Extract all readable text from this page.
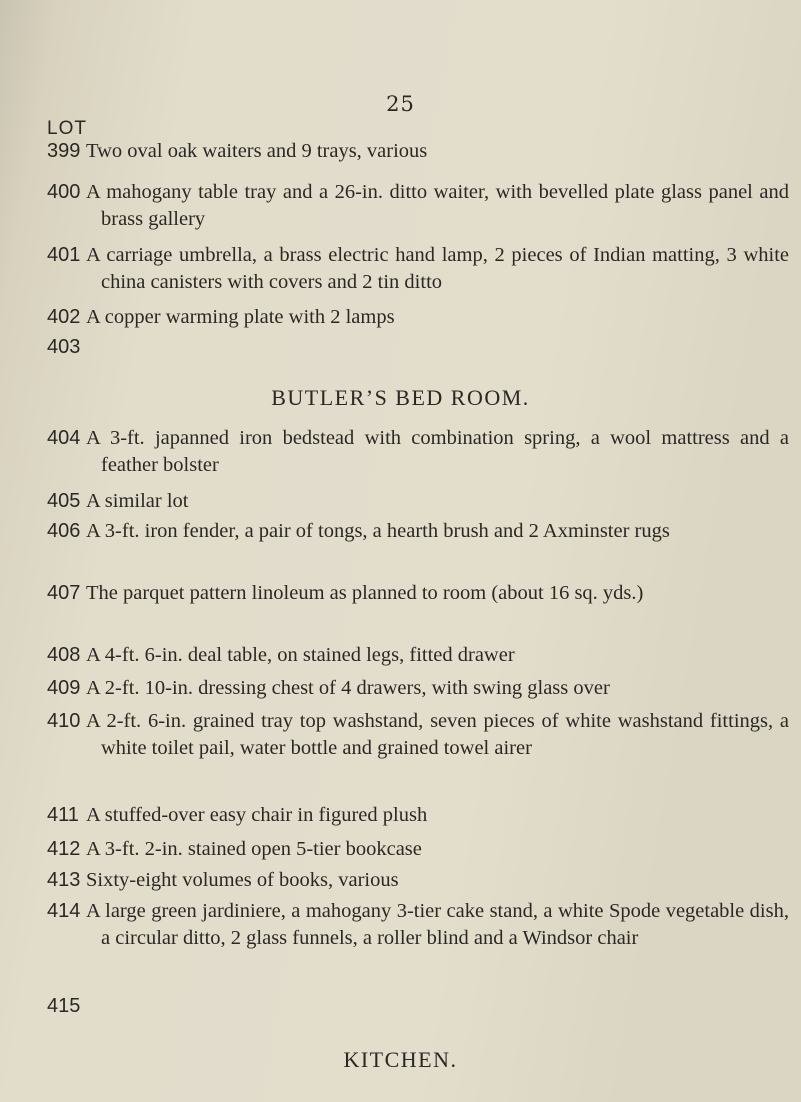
25
LOT
399 Two oval oak waiters and 9 trays, various
400 A mahogany table tray and a 26-in. ditto waiter, with bevelled plate glass panel and brass gallery
401 A carriage umbrella, a brass electric hand lamp, 2 pieces of Indian matting, 3 white china canisters with covers and 2 tin ditto
402 A copper warming plate with 2 lamps
403
BUTLER’S BED ROOM.
404 A 3-ft. japanned iron bedstead with combination spring, a wool mattress and a feather bolster
405 A similar lot
406 A 3-ft. iron fender, a pair of tongs, a hearth brush and 2 Axminster rugs
407 The parquet pattern linoleum as planned to room (about 16 sq. yds.)
408 A 4-ft. 6-in. deal table, on stained legs, fitted drawer
409 A 2-ft. 10-in. dressing chest of 4 drawers, with swing glass over
410 A 2-ft. 6-in. grained tray top washstand, seven pieces of white washstand fittings, a white toilet pail, water bottle and grained towel airer
411 A stuffed-over easy chair in figured plush
412 A 3-ft. 2-in. stained open 5-tier bookcase
413 Sixty-eight volumes of books, various
414 A large green jardiniere, a mahogany 3-tier cake stand, a white Spode vegetable dish, a circular ditto, 2 glass funnels, a roller blind and a Windsor chair
415
KITCHEN.
